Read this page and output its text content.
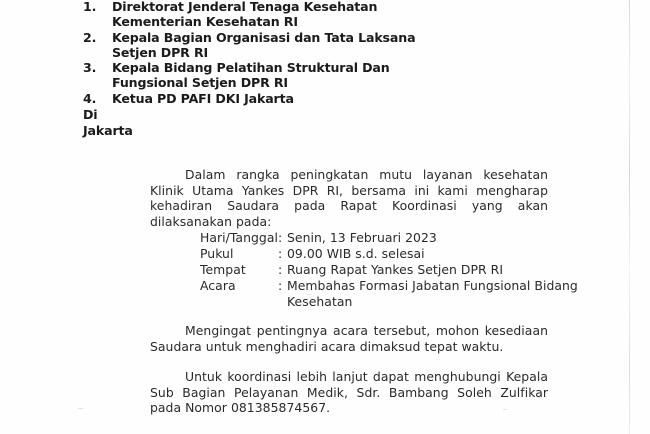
1.	Direktorat Jenderal Tenaga Kesehatan
Kementerian Kesehatan RI
2.	Kepala Bagian Organisasi dan Tata Laksana
Setjen DPR RI
3.	Kepala Bidang Pelatihan Struktural Dan
Fungsional Setjen DPR RI
4.	Ketua PD PAFI DKI Jakarta
Di
Jakarta
Dalam rangka peningkatan mutu layanan kesehatan Klinik Utama Yankes DPR RI, bersama ini kami mengharap kehadiran Saudara pada Rapat Koordinasi yang akan dilaksanakan pada:
Hari/Tanggal : Senin, 13 Februari 2023
Pukul	: 09.00 WIB s.d. selesai
Tempat	: Ruang Rapat Yankes Setjen DPR RI
Acara	: Membahas Formasi Jabatan Fungsional Bidang
Kesehatan
Mengingat pentingnya acara tersebut, mohon kesediaan Saudara untuk menghadiri acara dimaksud tepat waktu.
Untuk koordinasi lebih lanjut dapat menghubungi Kepala Sub Bagian Pelayanan Medik, Sdr. Bambang Soleh Zulfikar pada Nomor 081385874567.
